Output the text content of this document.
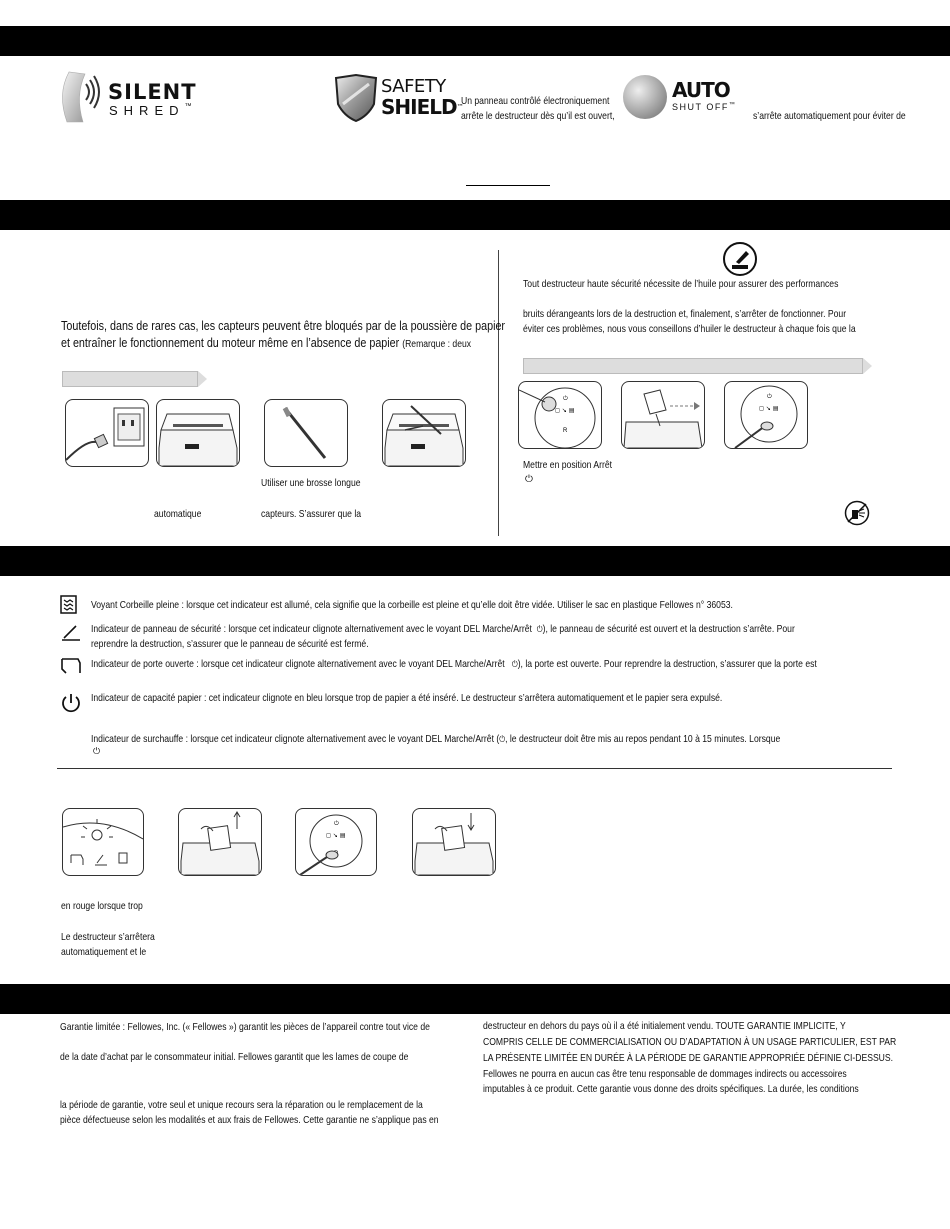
SILENT
SHRED™
SAFETY
SHIELD™
Un panneau contrôlé électroniquement
arrête le destructeur dès qu’il est ouvert,
AUTO
SHUT OFF™
s’arrête automatiquement pour éviter de
Toutefois, dans de rares cas, les capteurs peuvent être bloqués par de la poussière de papier
et entraîner le fonctionnement du moteur même en l’absence de papier (Remarque : deux
Utiliser une brosse longue
automatique	capteurs. S’assurer que la
Tout destructeur haute sécurité nécessite de l’huile pour assurer des performances
bruits dérangeants lors de la destruction et, finalement, s’arrêter de fonctionner. Pour
éviter ces problèmes, nous vous conseillons d’huiler le destructeur à chaque fois que la
⏻
◻ ↘ ▤
R
⏻
◻ ↘ ▤
Mettre en position Arrêt
⏻
Voyant Corbeille pleine : lorsque cet indicateur est allumé, cela signifie que la corbeille est pleine et qu’elle doit être vidée. Utiliser le sac en plastique Fellowes n° 36053.
Indicateur de panneau de sécurité : lorsque cet indicateur clignote alternativement avec le voyant DEL Marche/Arrêt ⏻), le panneau de sécurité est ouvert et la destruction s’arrête. Pour
reprendre la destruction, s’assurer que le panneau de sécurité est fermé.
Indicateur de porte ouverte : lorsque cet indicateur clignote alternativement avec le voyant DEL Marche/Arrêt ⏻), la porte est ouverte. Pour reprendre la destruction, s’assurer que la porte est
Indicateur de capacité papier : cet indicateur clignote en bleu lorsque trop de papier a été inséré. Le destructeur s’arrêtera automatiquement et le papier sera expulsé.
Indicateur de surchauffe : lorsque cet indicateur clignote alternativement avec le voyant DEL Marche/Arrêt (⏻, le destructeur doit être mis au repos pendant 10 à 15 minutes. Lorsque
⏻
⏻
◻ ↘ ▤
en rouge lorsque trop
Le destructeur s’arrêtera
automatiquement et le
Garantie limitée : Fellowes, Inc. (« Fellowes ») garantit les pièces de l’appareil contre tout vice de
de la date d’achat par le consommateur initial. Fellowes garantit que les lames de coupe de
la période de garantie, votre seul et unique recours sera la réparation ou le remplacement de la
pièce défectueuse selon les modalités et aux frais de Fellowes. Cette garantie ne s’applique pas en
destructeur en dehors du pays où il a été initialement vendu. TOUTE GARANTIE IMPLICITE, Y
COMPRIS CELLE DE COMMERCIALISATION OU D’ADAPTATION À UN USAGE PARTICULIER, EST PAR
LA PRÉSENTE LIMITÉE EN DURÉE À LA PÉRIODE DE GARANTIE APPROPRIÉE DÉFINIE CI-DESSUS.
Fellowes ne pourra en aucun cas être tenu responsable de dommages indirects ou accessoires
imputables à ce produit. Cette garantie vous donne des droits spécifiques. La durée, les conditions
